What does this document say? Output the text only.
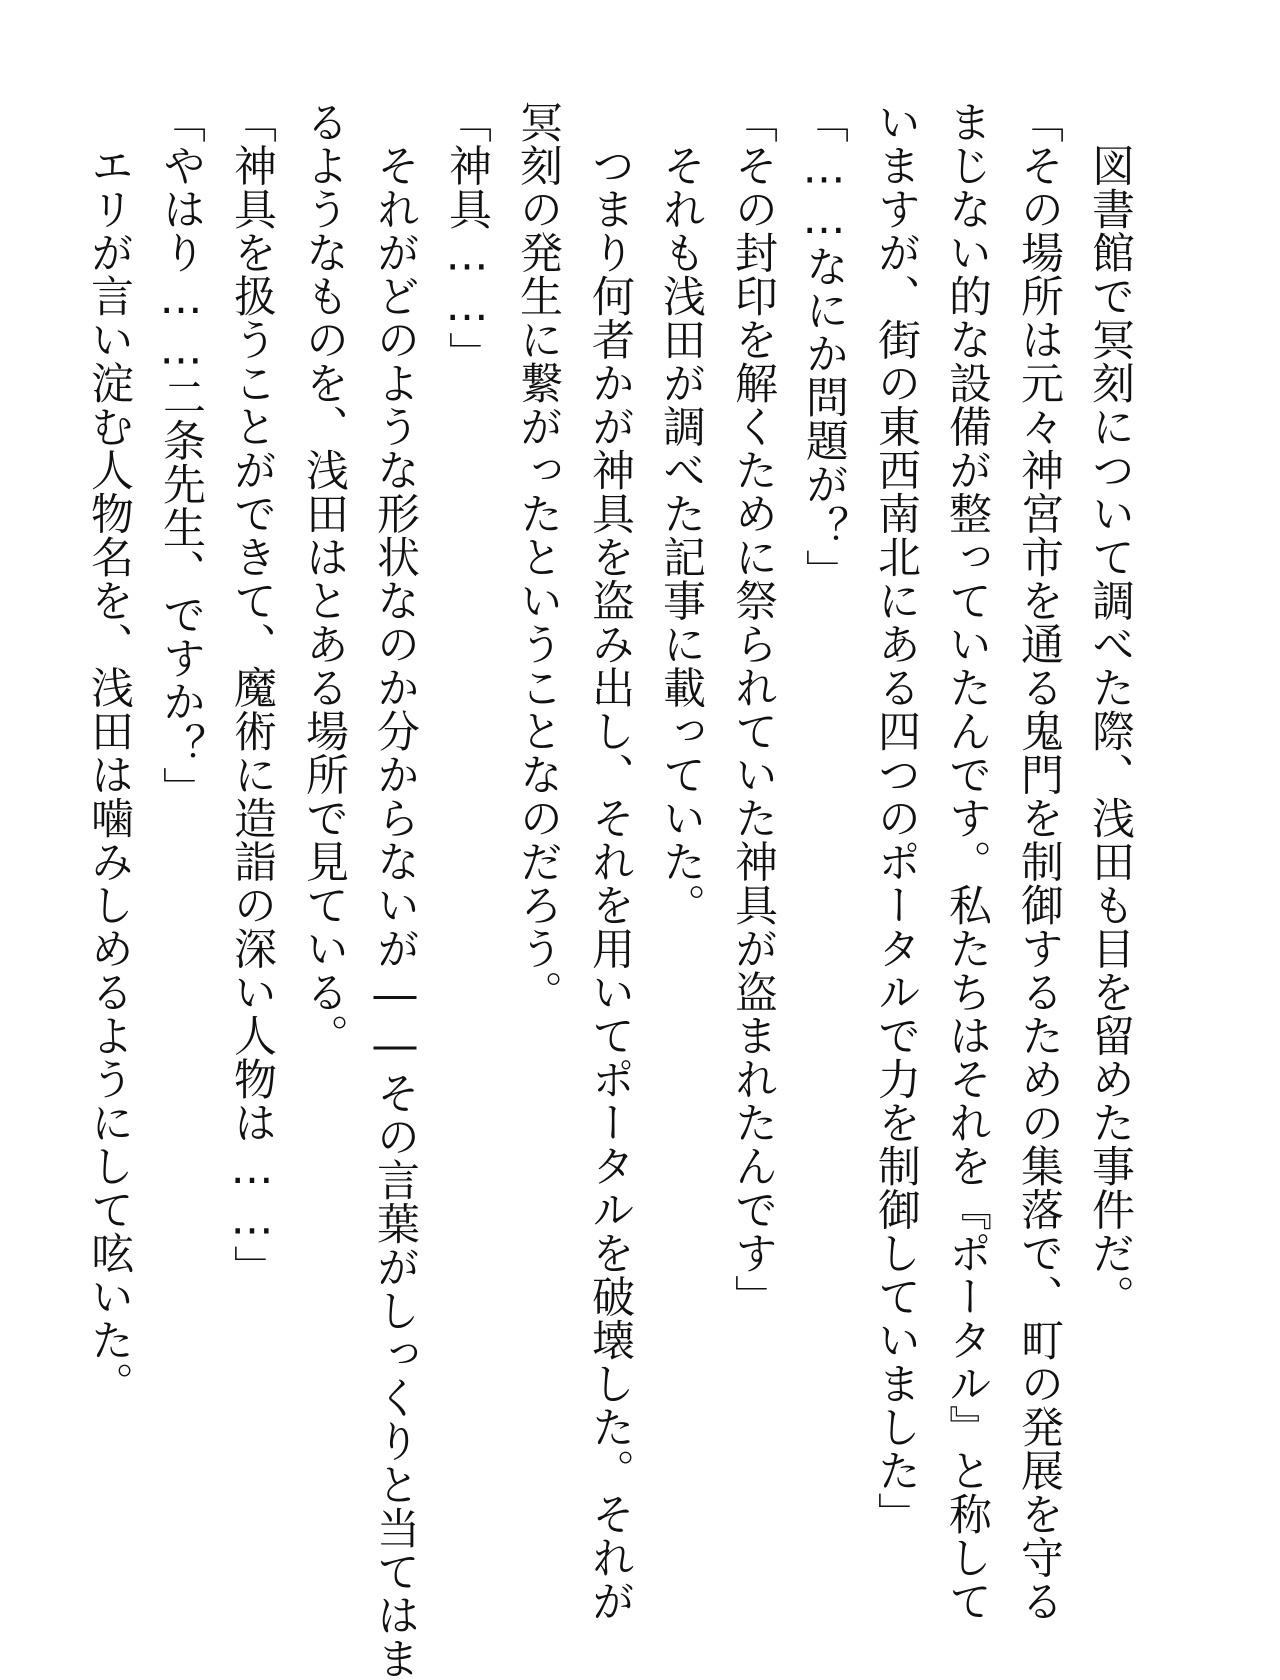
　図書館で冥刻について調べた際、浅田も目を留めた事件だ。
「その場所は元々神宮市を通る鬼門を制御するための集落で、町の発展を守る
まじない的な設備が整っていたんです。私たちはそれを『ポータル』と称して
いますが、街の東西南北にある四つのポータルで力を制御していました」
「……なにか問題が？」
「その封印を解くために祭られていた神具が盗まれたんです」
　それも浅田が調べた記事に載っていた。
　つまり何者かが神具を盗み出し、それを用いてポータルを破壊した。それが
冥刻の発生に繋がったということなのだろう。
「神具……」
　それがどのような形状なのか分からないが――その言葉がしっくりと当てはま
るようなものを、浅田はとある場所で見ている。
「神具を扱うことができて、魔術に造詣の深い人物は……」
「やはり……二条先生、ですか？」
　エリが言い淀む人物名を、浅田は噛みしめるようにして呟いた。
